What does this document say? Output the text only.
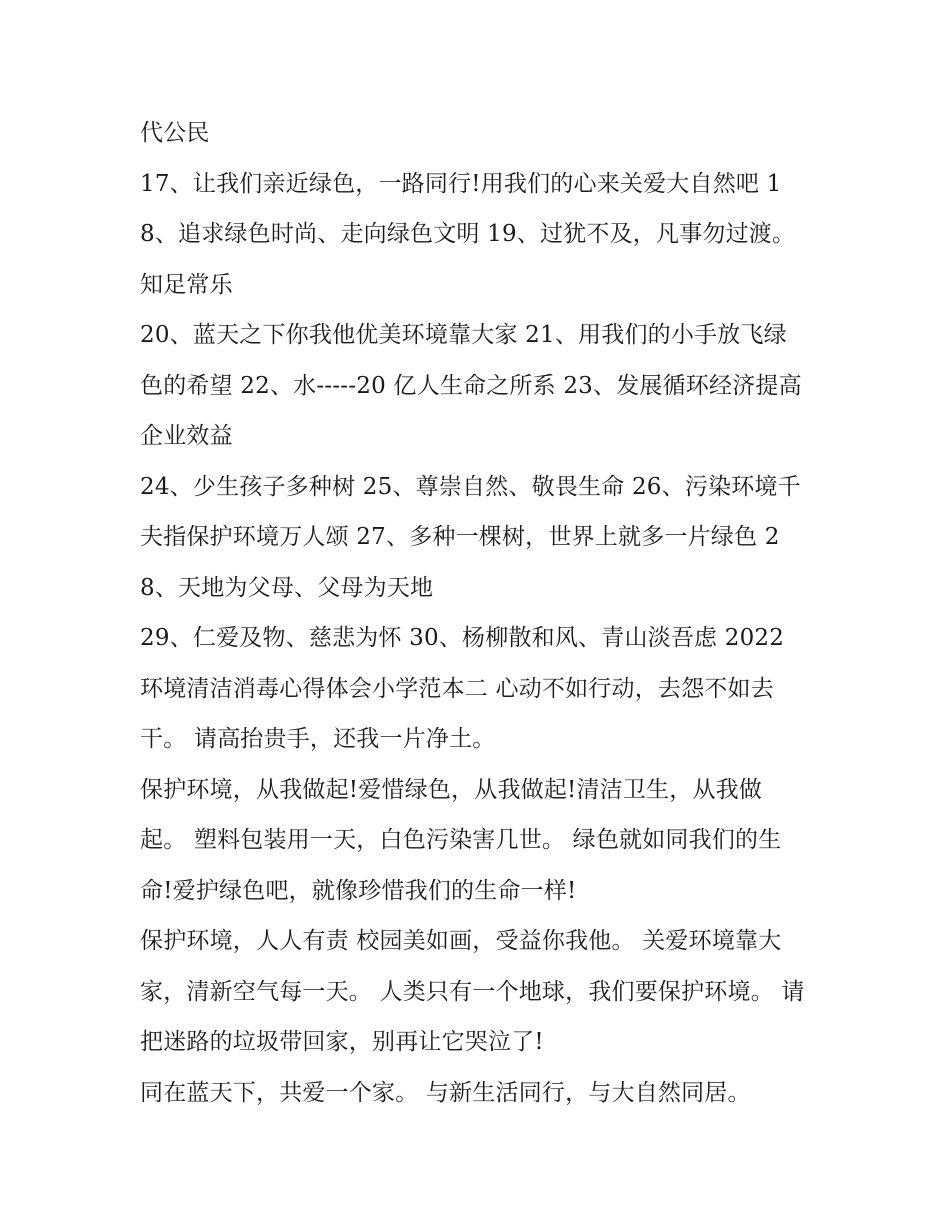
代公民

17、让我们亲近绿色，一路同行!用我们的心来关爱大自然吧 18、追求绿色时尚、走向绿色文明 19、过犹不及，凡事勿过渡。知足常乐

20、蓝天之下你我他优美环境靠大家 21、用我们的小手放飞绿色的希望 22、水-----20 亿人生命之所系 23、发展循环经济提高企业效益

24、少生孩子多种树 25、尊崇自然、敬畏生命 26、污染环境千夫指保护环境万人颂 27、多种一棵树，世界上就多一片绿色 28、天地为父母、父母为天地

29、仁爱及物、慈悲为怀 30、杨柳散和风、青山淡吾虑 2022 环境清洁消毒心得体会小学范本二 心动不如行动，去怨不如去干。 请高抬贵手，还我一片净土。

保护环境，从我做起!爱惜绿色，从我做起!清洁卫生，从我做起。 塑料包装用一天，白色污染害几世。 绿色就如同我们的生命!爱护绿色吧，就像珍惜我们的生命一样!

保护环境，人人有责 校园美如画，受益你我他。 关爱环境靠大家，清新空气每一天。 人类只有一个地球，我们要保护环境。 请把迷路的垃圾带回家，别再让它哭泣了!

同在蓝天下，共爱一个家。 与新生活同行，与大自然同居。
